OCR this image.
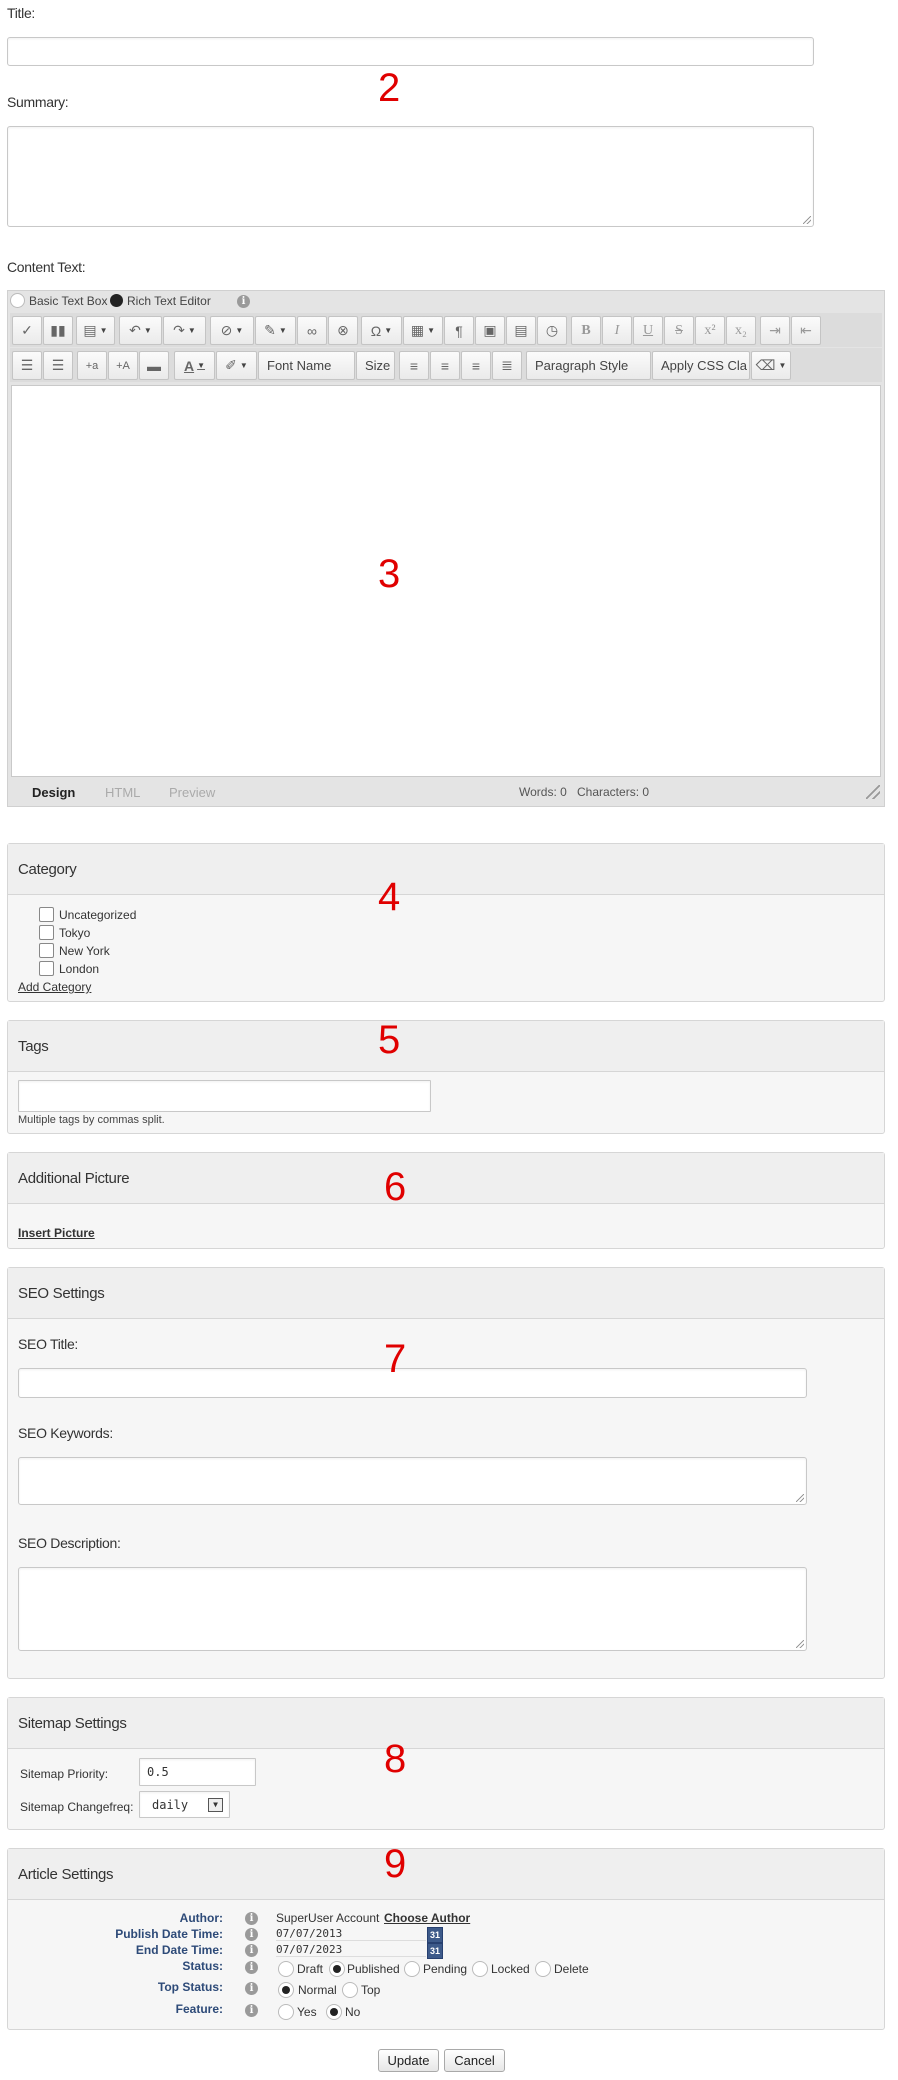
Title:
2
Summary:
Content Text:
Basic Text Box Rich Text Editor	i
✓	▮▮	▤ ▼	↶ ▼	↷ ▼	⊘ ▼	✎ ▼	∞	⊗	Ω ▼	▦ ▼	¶	▣	▤	◷	B	I	U	S	x²	x₂	⇥	⇤
☰	☰	+a	+A	▬	A ▼	✐ ▼	Font Name	Size	≡	≡	≡	≣	Paragraph Style	Apply CSS Cla ⌫ ▼
Design HTML Preview	Words: 0 Characters: 0
3
Category
Uncategorized
Tokyo
New York
London
Add Category
4
Tags
Multiple tags by commas split.
5
Additional Picture
Insert Picture
6
SEO Settings
SEO Title:
SEO Keywords:
SEO Description:
7
Sitemap Settings
Sitemap Priority:	0.5
Sitemap Changefreq:	daily	▼
8
Article Settings
Author:	i	SuperUser Account Choose Author
Publish Date Time:	i	07/07/2013	31
End Date Time:	i	07/07/2023	31
Status:	i	Draft Published Pending Locked Delete
Top Status:	i	Normal Top
Feature:	i	Yes No
9
Update	Cancel
